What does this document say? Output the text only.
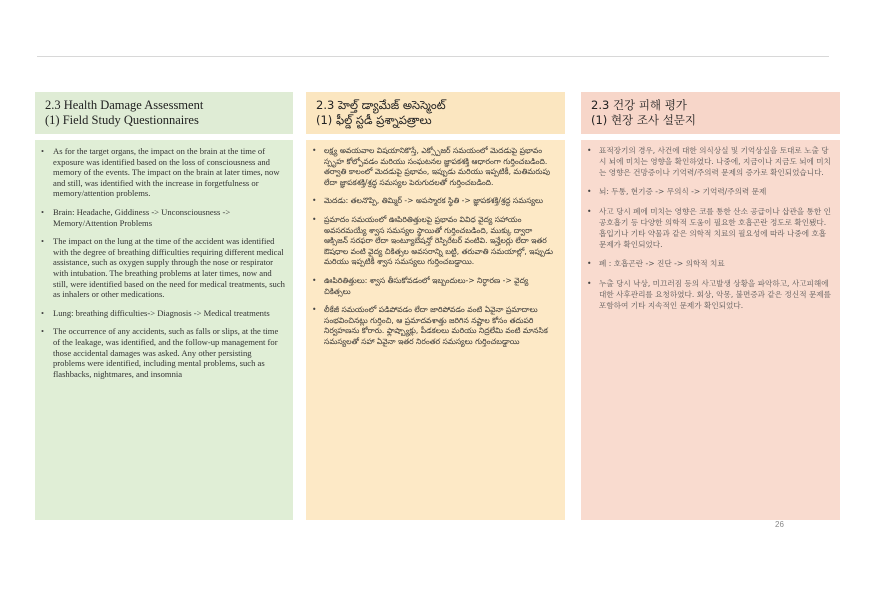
2.3 Health Damage Assessment
(1) Field Study Questionnaires
• As for the target organs, the impact on the brain at the time of exposure was identified based on the loss of consciousness and memory of the events. The impact on the brain at later times, now and still, was identified with the increase in forgetfulness or memory/attention problems.
• Brain: Headache, Giddiness -> Unconsciousness -> Memory/Attention Problems
• The impact on the lung at the time of the accident was identified with the degree of breathing difficulties requiring different medical assistance, such as oxygen supply through the nose or respirator with intubation. The breathing problems at later times, now and still, were identified based on the need for medical treatments, such as inhalers or other medications.
• Lung: breathing difficulties-> Diagnosis -> Medical treatments
• The occurrence of any accidents, such as falls or slips, at the time of the leakage, was identified, and the follow-up management for those accidental damages was asked. Any other persisting problems were identified, including mental problems, such as flashbacks, nightmares, and insomnia
2.3 హెల్త్ డ్యామేజ్ అసెస్మెంట్
(1) ఫీల్డ్ స్టడీ ప్రశ్నాపత్రాలు
• లక్ష్య అవయవాల విషయానికొస్తే, ఎక్స్పోజర్ సమయంలో మెదడుపై ప్రభావం స్పృహ కోల్పోవడం మరియు సంఘటనల జ్ఞాపకశక్తి ఆధారంగా గుర్తించబడింది. తర్వాతి కాలంలో మెదడుపై ప్రభావం, ఇప్పుడు మరియు ఇప్పటికీ, మతిమరుపు లేదా జ్ఞాపకశక్తి/శ్రద్ధ సమస్యల పెరుగుదలతో గుర్తించబడింది.
• మెదడు: తలనొప్పి, తిమ్మిర్ -> అపస్మారక స్థితి -> జ్ఞాపకశక్తి/శ్రద్ధ సమస్యలు
• ప్రమాదం సమయంలో ఊపిరితిత్తులపై ప్రభావం వివిధ వైద్య సహాయం అవసరమయ్యే శ్వాస సమస్యల స్థాయితో గుర్తించబడింది, ముక్కు ద్వారా ఆక్సిజన్ సరఫరా లేదా ఇంట్యూబేషన్తో రెస్పిరేటర్ వంటివి. ఇన్హేలర్లు లేదా ఇతర ఔషధాల వంటి వైద్య చికిత్సల అవసరాన్ని బట్టి, తరువాతి సమయాల్లో, ఇప్పుడు మరియు ఇప్పటికీ శ్వాస సమస్యలు గుర్తించబడ్డాయి.
• ఊపిరితిత్తులు: శ్వాస తీసుకోవడంలో ఇబ్బందులు-> నిర్ధారణ -> వైద్య చికిత్సలు
• లీకేజీ సమయంలో పడిపోవడం లేదా జారిపోవడం వంటి ఏవైనా ప్రమాదాలు సంభవించినట్లు గుర్తించి, ఆ ప్రమాదవశాత్తు జరిగిన నష్టాల కోసం తదుపరి నిర్వహణను కోరారు. ఫ్లాష్బ్యాక్లు, పీడకలలు మరియు నిద్రలేమి వంటి మానసిక సమస్యలతో సహా ఏవైనా ఇతర నిరంతర సమస్యలు గుర్తించబడ్డాయి
2.3 건강 피해 평가
(1) 현장 조사 설문지
• 표적장기의 경우, 사건에 대한 의식상실 및 기억상실을 토대로 노출 당시 뇌에 미치는 영향을 확인하였다. 나중에, 지금이나 지금도 뇌에 미치는 영향은 건망증이나 기억력/주의력 문제의 증가로 확인되었습니다.
• 뇌: 두통, 현기증 -> 무의식 -> 기억력/주의력 문제
• 사고 당시 폐에 미치는 영향은 코를 통한 산소 공급이나 삽관을 통한 인공호흡기 등 다양한 의학적 도움이 필요한 호흡곤란 정도로 확인됐다. 흡입기나 기타 약물과 같은 의학적 치료의 필요성에 따라 나중에 호흡 문제가 확인되었다.
• 폐 : 호흡곤란 -> 진단 -> 의학적 치료
• 누출 당시 낙상, 미끄러짐 등의 사고발생 상황을 파악하고, 사고피해에 대한 사후관리를 요청하였다. 회상, 악몽, 불면증과 같은 정신적 문제를 포함하여 기타 지속적인 문제가 확인되었다.
26
